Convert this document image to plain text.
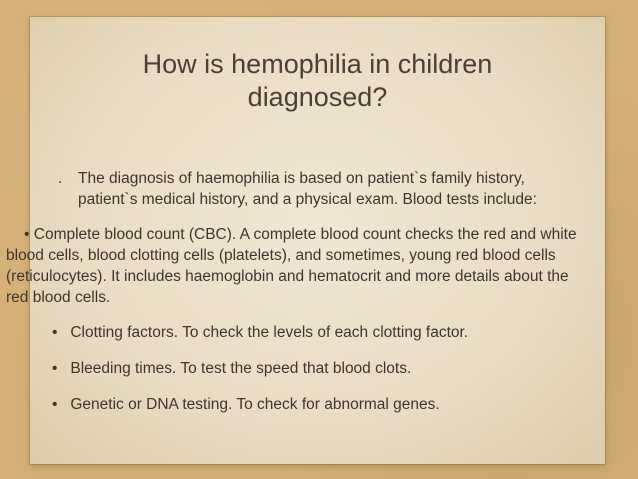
How is hemophilia in children
diagnosed?

. The diagnosis of haemophilia is based on patient`s family history, patient`s medical history, and a physical exam. Blood tests include:

• Complete blood count (CBC). A complete blood count checks the red and white blood cells, blood clotting cells (platelets), and sometimes, young red blood cells (reticulocytes). It includes haemoglobin and hematocrit and more details about the red blood cells.

• Clotting factors. To check the levels of each clotting factor.

• Bleeding times. To test the speed that blood clots.

• Genetic or DNA testing. To check for abnormal genes.
